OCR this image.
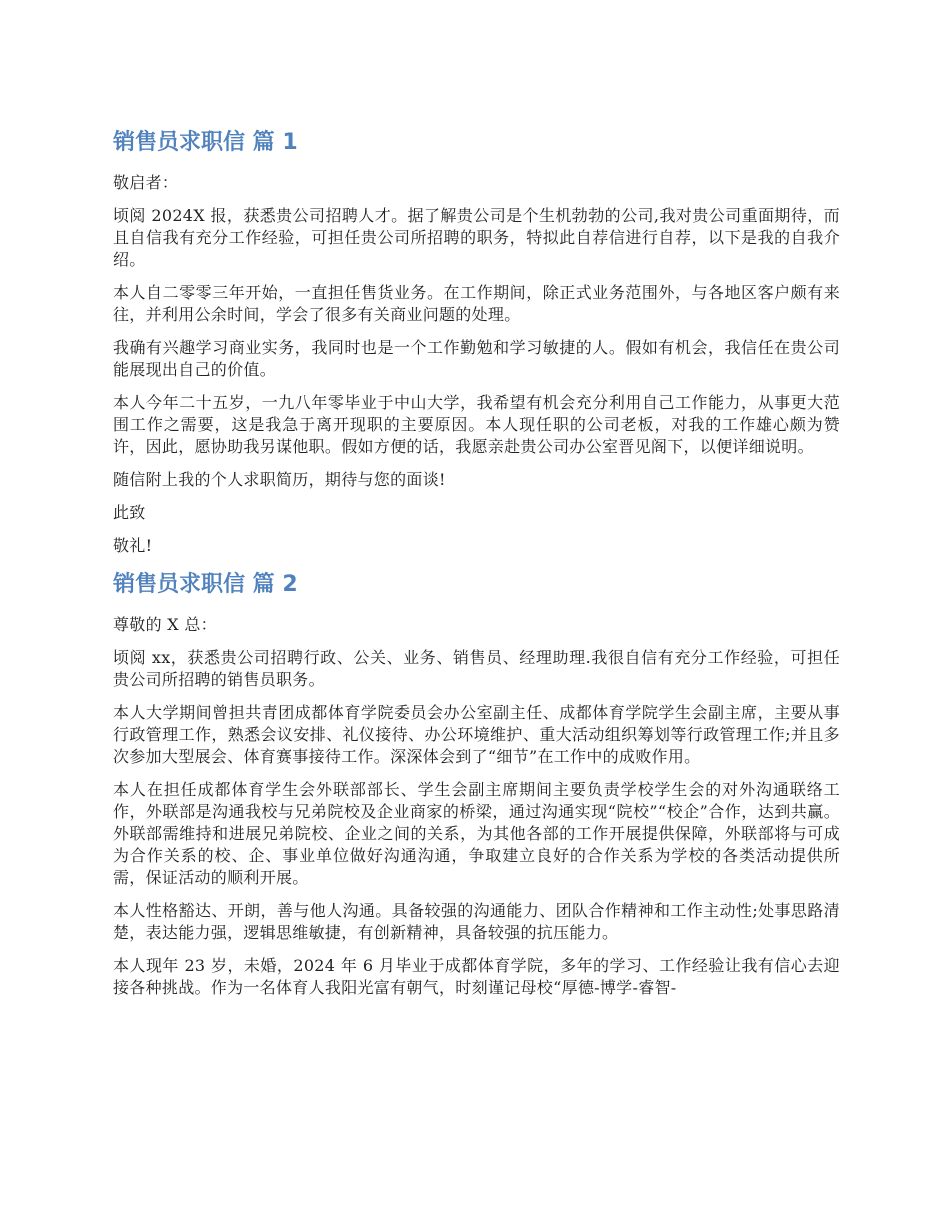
销售员求职信 篇 1

敬启者：

顷阅 2024X 报，获悉贵公司招聘人才。据了解贵公司是个生机勃勃的公司,我对贵公司重面期待，而且自信我有充分工作经验，可担任贵公司所招聘的职务，特拟此自荐信进行自荐，以下是我的自我介绍。

本人自二零零三年开始，一直担任售货业务。在工作期间，除正式业务范围外，与各地区客户颇有来往，并利用公余时间，学会了很多有关商业问题的处理。

我确有兴趣学习商业实务，我同时也是一个工作勤勉和学习敏捷的人。假如有机会，我信任在贵公司能展现出自己的价值。

本人今年二十五岁，一九八年零毕业于中山大学，我希望有机会充分利用自己工作能力，从事更大范围工作之需要，这是我急于离开现职的主要原因。本人现任职的公司老板，对我的工作雄心颇为赞许，因此，愿协助我另谋他职。假如方便的话，我愿亲赴贵公司办公室晋见阁下，以便详细说明。

随信附上我的个人求职简历，期待与您的面谈!

此致

敬礼!

销售员求职信 篇 2

尊敬的 X 总：

顷阅 xx，获悉贵公司招聘行政、公关、业务、销售员、经理助理.我很自信有充分工作经验，可担任贵公司所招聘的销售员职务。

本人大学期间曾担共青团成都体育学院委员会办公室副主任、成都体育学院学生会副主席，主要从事行政管理工作，熟悉会议安排、礼仪接待、办公环境维护、重大活动组织筹划等行政管理工作;并且多次参加大型展会、体育赛事接待工作。深深体会到了“细节”在工作中的成败作用。

本人在担任成都体育学生会外联部部长、学生会副主席期间主要负责学校学生会的对外沟通联络工作，外联部是沟通我校与兄弟院校及企业商家的桥梁，通过沟通实现“院校”“校企”合作，达到共赢。外联部需维持和进展兄弟院校、企业之间的关系，为其他各部的工作开展提供保障，外联部将与可成为合作关系的校、企、事业单位做好沟通沟通，争取建立良好的合作关系为学校的各类活动提供所需，保证活动的顺利开展。

本人性格豁达、开朗，善与他人沟通。具备较强的沟通能力、团队合作精神和工作主动性;处事思路清楚，表达能力强，逻辑思维敏捷，有创新精神，具备较强的抗压能力。

本人现年 23 岁，未婚，2024 年 6 月毕业于成都体育学院，多年的学习、工作经验让我有信心去迎接各种挑战。作为一名体育人我阳光富有朝气，时刻谨记母校“厚德-博学-睿智-
